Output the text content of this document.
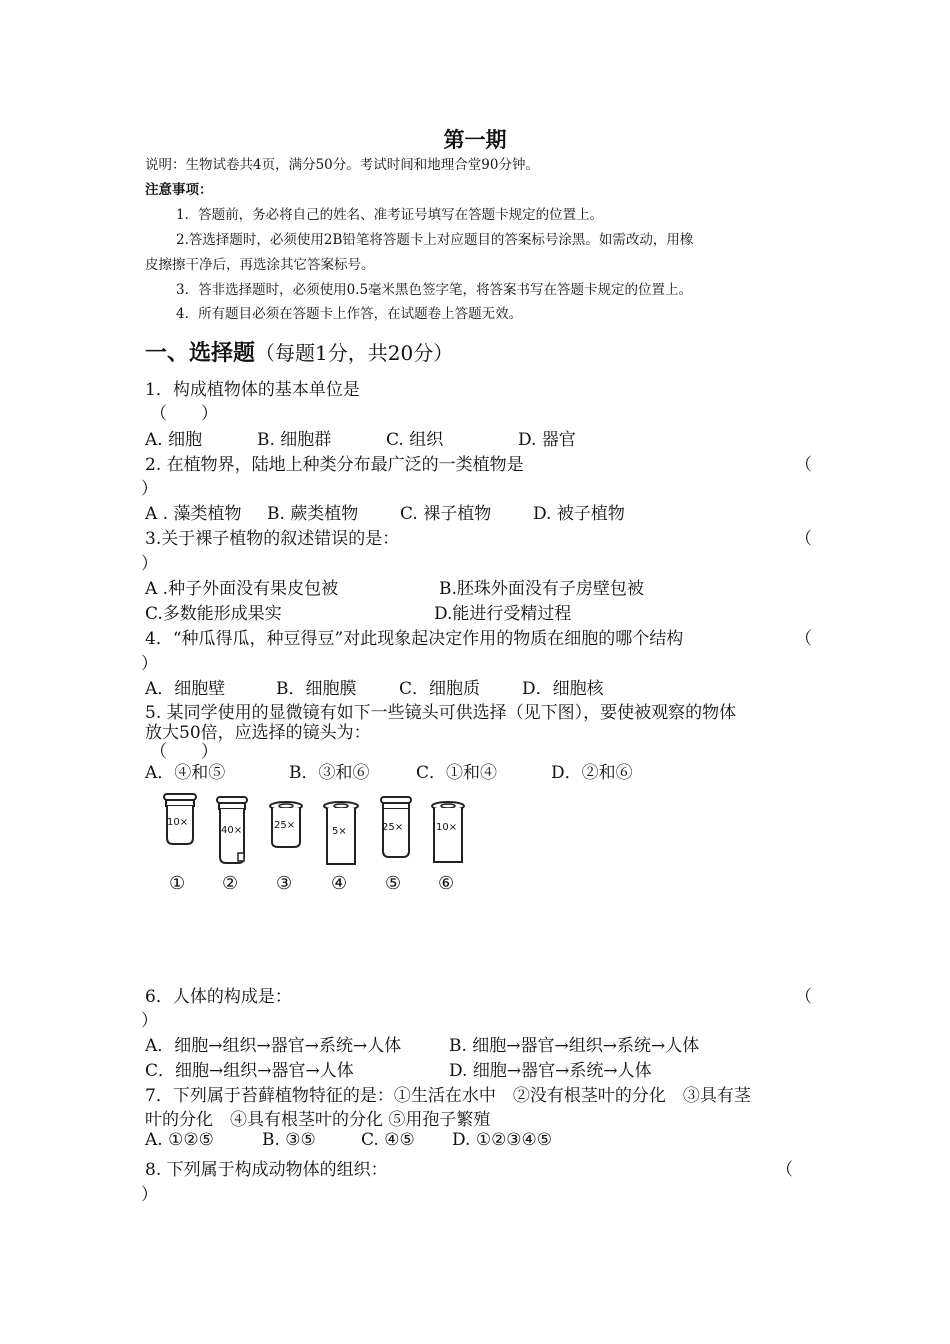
第一期
说明：生物试卷共4页，满分50分。考试时间和地理合堂90分钟。
注意事项：
1．答题前，务必将自己的姓名、准考证号填写在答题卡规定的位置上。
2.答选择题时，必须使用2B铅笔将答题卡上对应题目的答案标号涂黑。如需改动，用橡
皮擦擦干净后，再选涂其它答案标号。
3．答非选择题时，必须使用0.5毫米黑色签字笔，将答案书写在答题卡规定的位置上。
4．所有题目必须在答题卡上作答，在试题卷上答题无效。
一、选择题（每题1分，共20分）
1．构成植物体的基本单位是
（　　）
A. 细胞	B. 细胞群	C. 组织	D. 器官
2. 在植物界，陆地上种类分布最广泛的一类植物是	（
）
A . 藻类植物 B. 蕨类植物 C. 裸子植物 D. 被子植物
3.关于裸子植物的叙述错误的是：	（
）
A .种子外面没有果皮包被	B.胚珠外面没有子房壁包被
C.多数能形成果实	D.能进行受精过程
4．“种瓜得瓜，种豆得豆”对此现象起决定作用的物质在细胞的哪个结构	（
）
A．细胞壁	B．细胞膜	C．细胞质 D．细胞核
5. 某同学使用的显微镜有如下一些镜头可供选择（见下图），要使被观察的物体
放大50倍，应选择的镜头为：
（　　）
A．④和⑤	B．③和⑥	C．①和④	D．②和⑥
10×
40×	25×
5×	25×	10×
① ② ③ ④ ⑤ ⑥
6．人体的构成是：	（
）
A．细胞→组织→器官→系统→人体	B. 细胞→器官→组织→系统→人体
C．细胞→组织→器官→人体	D. 细胞→器官→系统→人体
7．下列属于苔藓植物特征的是：①生活在水中　②没有根茎叶的分化　③具有茎
叶的分化　④具有根茎叶的分化 ⑤用孢子繁殖
A. ①②⑤	B. ③⑤	C. ④⑤ D. ①②③④⑤
8. 下列属于构成动物体的组织：	（
）
